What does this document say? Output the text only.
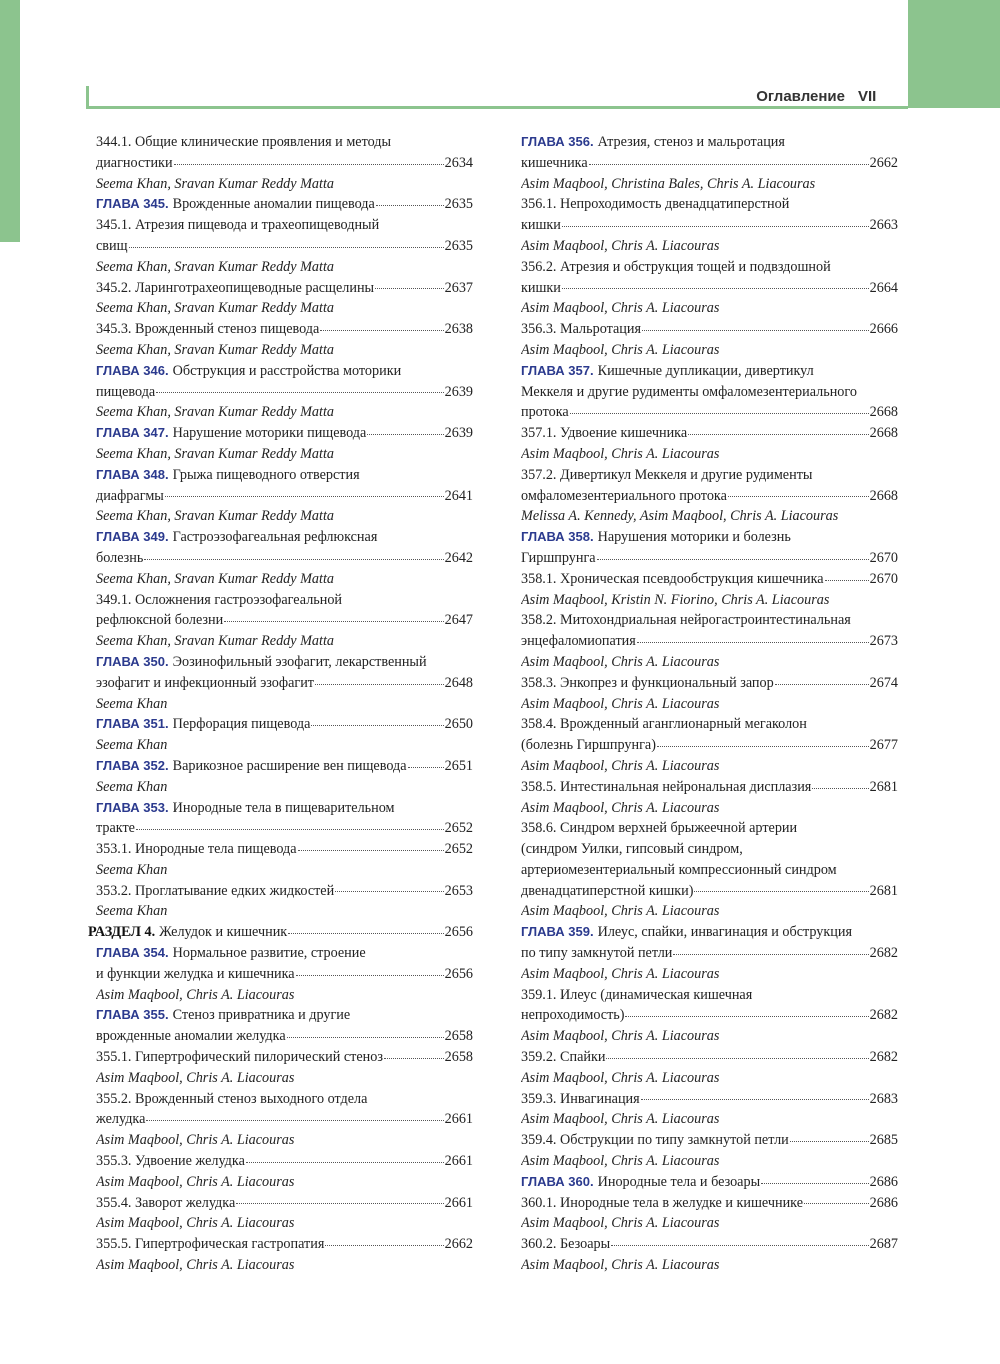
Оглавление VII
344.1. Общие клинические проявления и методы
диагностики	2634
Seema Khan, Sravan Kumar Reddy Matta
ГЛАВА 345. Врожденные аномалии пищевода	2635
345.1. Атрезия пищевода и трахеопищеводный
свищ	2635
Seema Khan, Sravan Kumar Reddy Matta
345.2. Ларинготрахеопищеводные расщелины	2637
Seema Khan, Sravan Kumar Reddy Matta
345.3. Врожденный стеноз пищевода	2638
Seema Khan, Sravan Kumar Reddy Matta
ГЛАВА 346. Обструкция и расстройства моторики
пищевода	2639
Seema Khan, Sravan Kumar Reddy Matta
ГЛАВА 347. Нарушение моторики пищевода	2639
Seema Khan, Sravan Kumar Reddy Matta
ГЛАВА 348. Грыжа пищеводного отверстия
диафрагмы	2641
Seema Khan, Sravan Kumar Reddy Matta
ГЛАВА 349. Гастроэзофагеальная рефлюксная
болезнь	2642
Seema Khan, Sravan Kumar Reddy Matta
349.1. Осложнения гастроэзофагеальной
рефлюксной болезни	2647
Seema Khan, Sravan Kumar Reddy Matta
ГЛАВА 350. Эозинофильный эзофагит, лекарственный
эзофагит и инфекционный эзофагит	2648
Seema Khan
ГЛАВА 351. Перфорация пищевода	2650
Seema Khan
ГЛАВА 352. Варикозное расширение вен пищевода	2651
Seema Khan
ГЛАВА 353. Инородные тела в пищеварительном
тракте	2652
353.1. Инородные тела пищевода	2652
Seema Khan
353.2. Проглатывание едких жидкостей	2653
Seema Khan
РАЗДЕЛ 4. Желудок и кишечник	2656
ГЛАВА 354. Нормальное развитие, строение
и функции желудка и кишечника	2656
Asim Maqbool, Chris A. Liacouras
ГЛАВА 355. Стеноз привратника и другие
врожденные аномалии желудка	2658
355.1. Гипертрофический пилорический стеноз	2658
Asim Maqbool, Chris A. Liacouras
355.2. Врожденный стеноз выходного отдела
желудка	2661
Asim Maqbool, Chris A. Liacouras
355.3. Удвоение желудка	2661
Asim Maqbool, Chris A. Liacouras
355.4. Заворот желудка	2661
Asim Maqbool, Chris A. Liacouras
355.5. Гипертрофическая гастропатия	2662
Asim Maqbool, Chris A. Liacouras
ГЛАВА 356. Атрезия, стеноз и мальротация
кишечника	2662
Asim Maqbool, Christina Bales, Chris A. Liacouras
356.1. Непроходимость двенадцатиперстной
кишки	2663
Asim Maqbool, Chris A. Liacouras
356.2. Атрезия и обструкция тощей и подвздошной
кишки	2664
Asim Maqbool, Chris A. Liacouras
356.3. Мальротация	2666
Asim Maqbool, Chris A. Liacouras
ГЛАВА 357. Кишечные дупликации, дивертикул
Меккеля и другие рудименты омфаломезентериального
протока	2668
357.1. Удвоение кишечника	2668
Asim Maqbool, Chris A. Liacouras
357.2. Дивертикул Меккеля и другие рудименты
омфаломезентериального протока	2668
Melissa A. Kennedy, Asim Maqbool, Chris A. Liacouras
ГЛАВА 358. Нарушения моторики и болезнь
Гиршпрунга	2670
358.1. Хроническая псевдообструкция кишечника	2670
Asim Maqbool, Kristin N. Fiorino, Chris A. Liacouras
358.2. Митохондриальная нейрогастроинтестинальная
энцефаломиопатия	2673
Asim Maqbool, Chris A. Liacouras
358.3. Энкопрез и функциональный запор	2674
Asim Maqbool, Chris A. Liacouras
358.4. Врожденный аганглионарный мегаколон
(болезнь Гиршпрунга)	2677
Asim Maqbool, Chris A. Liacouras
358.5. Интестинальная нейрональная дисплазия	2681
Asim Maqbool, Chris A. Liacouras
358.6. Синдром верхней брыжеечной артерии
(синдром Уилки, гипсовый синдром,
артериомезентериальный компрессионный синдром
двенадцатиперстной кишки)	2681
Asim Maqbool, Chris A. Liacouras
ГЛАВА 359. Илеус, спайки, инвагинация и обструкция
по типу замкнутой петли	2682
Asim Maqbool, Chris A. Liacouras
359.1. Илеус (динамическая кишечная
непроходимость)	2682
Asim Maqbool, Chris A. Liacouras
359.2. Спайки	2682
Asim Maqbool, Chris A. Liacouras
359.3. Инвагинация	2683
Asim Maqbool, Chris A. Liacouras
359.4. Обструкции по типу замкнутой петли	2685
Asim Maqbool, Chris A. Liacouras
ГЛАВА 360. Инородные тела и безоары	2686
360.1. Инородные тела в желудке и кишечнике	2686
Asim Maqbool, Chris A. Liacouras
360.2. Безоары	2687
Asim Maqbool, Chris A. Liacouras
